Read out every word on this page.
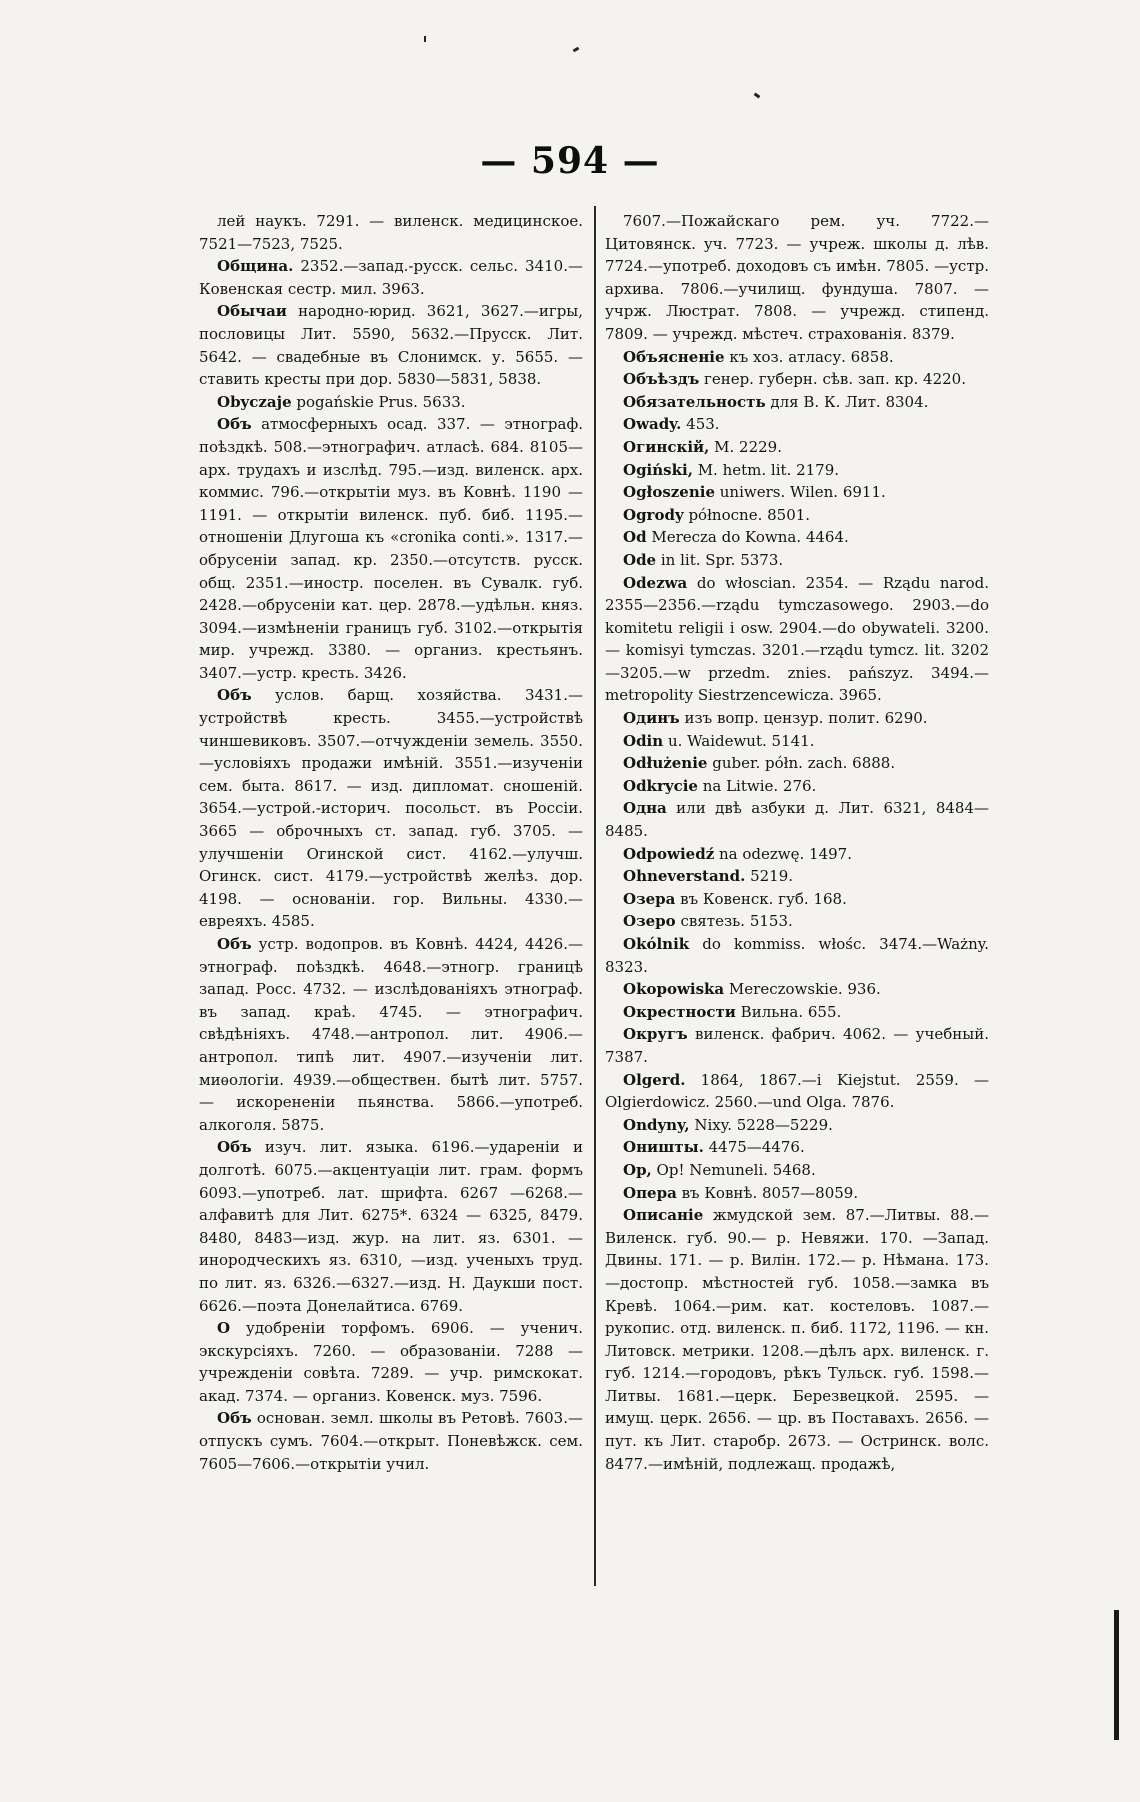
— 594 —

лей наукъ. 7291. — виленск. медицинское. 7521—7523, 7525.

Община. 2352.—запад.-русск. сельс. 3410.—Ковенская сестр. мил. 3963.

Обычаи народно-юрид. 3621, 3627.—игры, пословицы Лит. 5590, 5632.—Прусск. Лит. 5642. — свадебные въ Слонимск. у. 5655. — ставить кресты при дор. 5830—5831, 5838.

Obyczaje pogańskie Prus. 5633.

Объ атмосферныхъ осад. 337. — этнограф. поѣздкѣ. 508.—этнографич. атласѣ. 684. 8105—арх. трудахъ и изслѣд. 795.—изд. виленск. арх. коммис. 796.—открытіи муз. въ Ковнѣ. 1190 — 1191. — открытіи виленск. пуб. биб. 1195.—отношеніи Длугоша къ «cronika conti.». 1317.—обрусеніи запад. кр. 2350.—отсутств. русск. общ. 2351.—иностр. поселен. въ Сувалк. губ. 2428.—обрусеніи кат. цер. 2878.—удѣльн. княз. 3094.—измѣненіи границъ губ. 3102.—открытія мир. учрежд. 3380. — организ. крестьянъ. 3407.—устр. кресть. 3426.

Объ услов. барщ. хозяйства. 3431.—устройствѣ кресть. 3455.—устройствѣ чиншевиковъ. 3507.—отчужденіи земель. 3550. —условіяхъ продажи имѣній. 3551.—изученіи сем. быта. 8617. — изд. дипломат. сношеній. 3654.—устрой.-историч. посольст. въ Россіи. 3665 — оброчныхъ ст. запад. губ. 3705. — улучшеніи Огинской сист. 4162.—улучш. Огинск. сист. 4179.—устройствѣ желѣз. дор. 4198. — основаніи. гор. Вильны. 4330.—евреяхъ. 4585.

Объ устр. водопров. въ Ковнѣ. 4424, 4426.—этнограф. поѣздкѣ. 4648.—этногр. границѣ запад. Росс. 4732. — изслѣдованіяхъ этнограф. въ запад. краѣ. 4745. — этнографич. свѣдѣніяхъ. 4748.—антропол. лит. 4906.—антропол. типѣ лит. 4907.—изученіи лит. миѳологіи. 4939.—обществен. бытѣ лит. 5757. — искорененіи пьянства. 5866.—употреб. алкоголя. 5875.

Объ изуч. лит. языка. 6196.—удареніи и долготѣ. 6075.—акцентуаціи лит. грам. формъ 6093.—употреб. лат. шрифта. 6267 —6268.—алфавитѣ для Лит. 6275*. 6324 — 6325, 8479. 8480, 8483—изд. жур. на лит. яз. 6301. — инородческихъ яз. 6310, —изд. ученыхъ труд. по лит. яз. 6326.—6327.—изд. Н. Даукши пост. 6626.—поэта Донелайтиса. 6769.

О удобреніи торфомъ. 6906. — ученич. экскурсіяхъ. 7260. — образованіи. 7288 — учрежденіи совѣта. 7289. — учр. римскокат. акад. 7374. — организ. Ковенск. муз. 7596.

Объ основан. земл. школы въ Ретовѣ. 7603.—отпускъ сумъ. 7604.—открыт. Поневѣжск. сем. 7605—7606.—открытіи учил.

7607.—Пожайскаго рем. уч. 7722.—Цитовянск. уч. 7723. — учреж. школы д. лѣв. 7724.—употреб. доходовъ съ имѣн. 7805. —устр. архива. 7806.—училищ. фундуша. 7807. — учрж. Люстрат. 7808. — учрежд. стипенд. 7809. — учрежд. мѣстеч. страхованія. 8379.

Объясненіе къ хоз. атласу. 6858.

Объѣздъ генер. губерн. сѣв. зап. кр. 4220.

Обязательность для В. К. Лит. 8304.

Owady. 453.

Огинскій, М. 2229.

Ogiński, M. hetm. lit. 2179.

Ogłoszenie uniwers. Wilen. 6911.

Ogrody północne. 8501.

Od Merecza do Kowna. 4464.

Ode in lit. Spr. 5373.

Odezwa do włoscian. 2354. — Rządu narod. 2355—2356.—rządu tymczasowego. 2903.—do komitetu religii i osw. 2904.—do obywateli. 3200. — komisyi tymczas. 3201.—rządu tymcz. lit. 3202—3205.—w przedm. znies. pańszyz. 3494.—metropolity Siestrzencewicza. 3965.

Одинъ изъ вопр. цензур. полит. 6290.

Odin u. Waidewut. 5141.

Odłużenie guber. półn. zach. 6888.

Odkrycie na Litwie. 276.

Одна или двѣ азбуки д. Лит. 6321, 8484—8485.

Odpowiedź na odezwę. 1497.

Ohneverstand. 5219.

Озера въ Ковенск. губ. 168.

Озеро святезь. 5153.

Okólnik do kommiss. włośc. 3474.—Ważny. 8323.

Okopowiska Mereczowskie. 936.

Окрестности Вильна. 655.

Округъ виленск. фабрич. 4062. — учебный. 7387.

Olgerd. 1864, 1867.—i Kiejstut. 2559. —Olgierdowicz. 2560.—und Olga. 7876.

Ondyny, Nixy. 5228—5229.

Оништы. 4475—4476.

Op, Op! Nemuneli. 5468.

Опера въ Ковнѣ. 8057—8059.

Описаніе жмудской зем. 87.—Литвы. 88.—Виленск. губ. 90.— р. Невяжи. 170. —Запад. Двины. 171. — р. Вилін. 172.— р. Нѣмана. 173.—достопр. мѣстностей губ. 1058.—замка въ Кревѣ. 1064.—рим. кат. костеловъ. 1087.—рукопис. отд. виленск. п. биб. 1172, 1196. — кн. Литовск. метрики. 1208.—дѣлъ арх. виленск. г. губ. 1214.—городовъ, рѣкъ Тульск. губ. 1598.—Литвы. 1681.—церк. Березвецкой. 2595. — имущ. церк. 2656. — цр. въ Поставахъ. 2656. — пут. къ Лит. старобр. 2673. — Остринск. волс. 8477.—имѣній, подлежащ. продажѣ,
